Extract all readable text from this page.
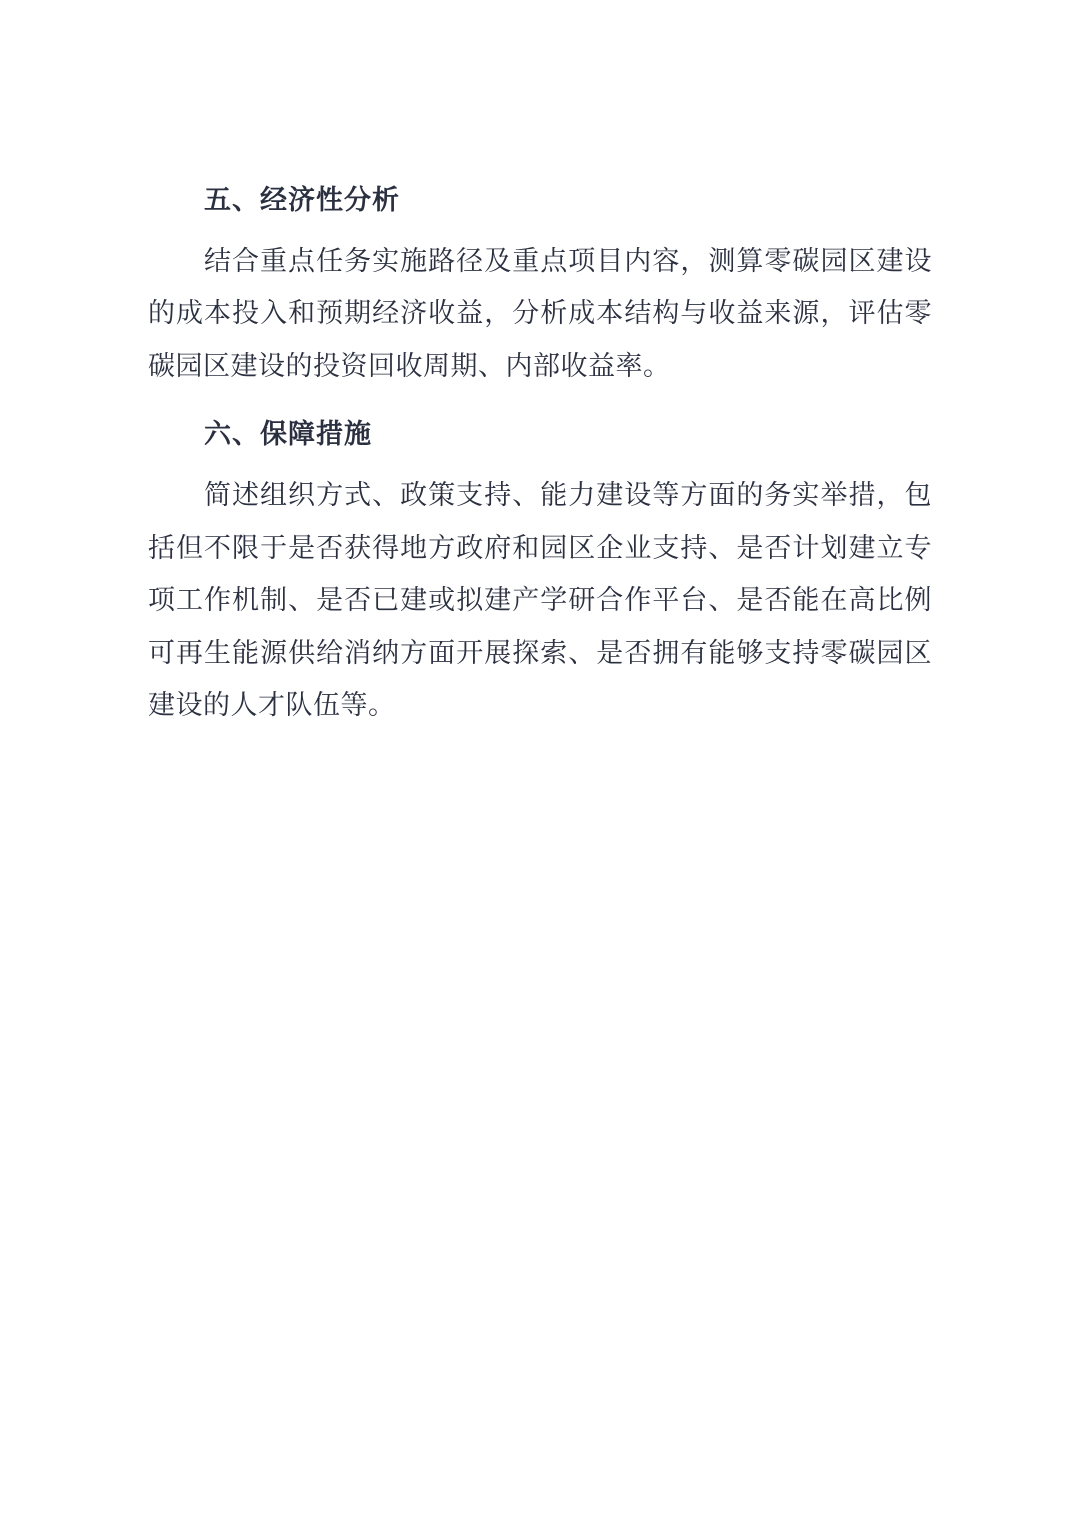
五、经济性分析

结合重点任务实施路径及重点项目内容，测算零碳园区建设的成本投入和预期经济收益，分析成本结构与收益来源，评估零碳园区建设的投资回收周期、内部收益率。

六、保障措施

简述组织方式、政策支持、能力建设等方面的务实举措，包括但不限于是否获得地方政府和园区企业支持、是否计划建立专项工作机制、是否已建或拟建产学研合作平台、是否能在高比例可再生能源供给消纳方面开展探索、是否拥有能够支持零碳园区建设的人才队伍等。
